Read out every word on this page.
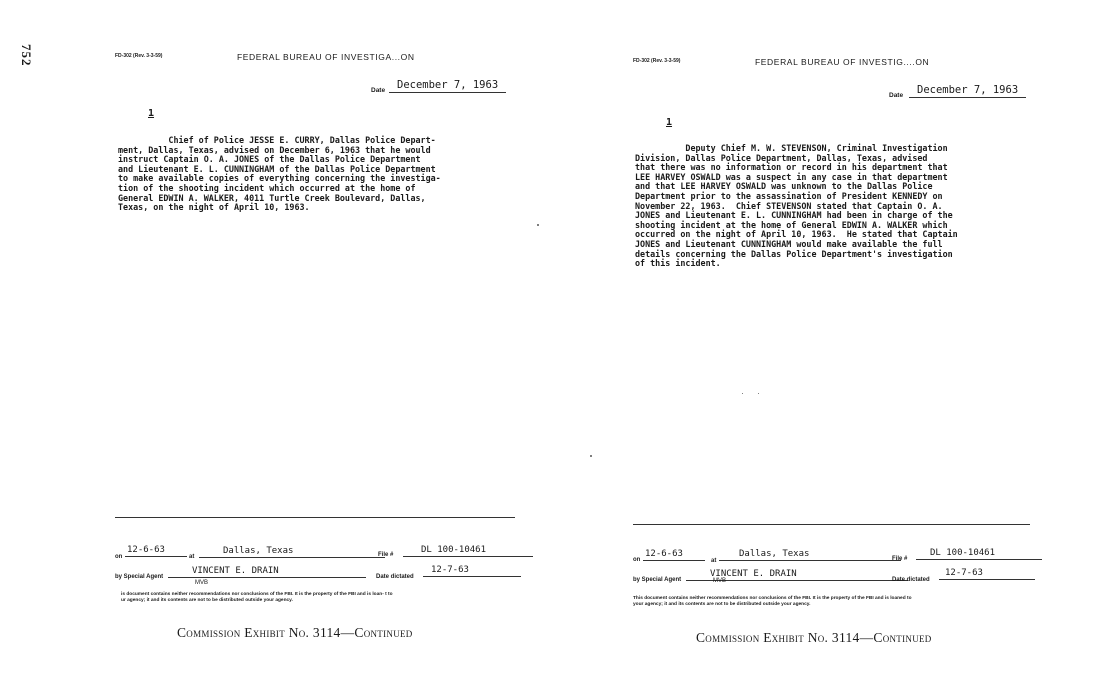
752	FD-302 (Rev. 3-3-59)	FEDERAL BUREAU OF INVESTIGA...ON
Date	December 7, 1963
1
Chief of Police JESSE E. CURRY, Dallas Police Depart-
ment, Dallas, Texas, advised on December 6, 1963 that he would
instruct Captain O. A. JONES of the Dallas Police Department
and Lieutenant E. L. CUNNINGHAM of the Dallas Police Department
to make available copies of everything concerning the investiga-
tion of the shooting incident which occurred at the home of
General EDWIN A. WALKER, 4011 Turtle Creek Boulevard, Dallas,
Texas, on the night of April 10, 1963.
on
12-6-63
at
Dallas, Texas	File #	DL 100-10461
by Special Agent
VINCENT E. DRAIN
MVB
Date dictated
12-7-63
is document contains neither recommendations nor conclusions of the FBI. It is the property of the FBI and is loan- t to
ur agency; it and its contents are not to be distributed outside your agency.
Commission Exhibit No. 3114—Continued
FD-302 (Rev. 3-3-59)	FEDERAL BUREAU OF INVESTIG....ON
Date	December 7, 1963
1
Deputy Chief M. W. STEVENSON, Criminal Investigation
Division, Dallas Police Department, Dallas, Texas, advised
that there was no information or record in his department that
LEE HARVEY OSWALD was a suspect in any case in that department
and that LEE HARVEY OSWALD was unknown to the Dallas Police
Department prior to the assassination of President KENNEDY on
November 22, 1963.  Chief STEVENSON stated that Captain O. A.
JONES and Lieutenant E. L. CUNNINGHAM had been in charge of the
shooting incident at the home of General EDWIN A. WALKER which
occurred on the night of April 10, 1963.  He stated that Captain
JONES and Lieutenant CUNNINGHAM would make available the full
details concerning the Dallas Police Department's investigation
of this incident.
on
12-6-63
at
Dallas, Texas	File #
DL 100-10461
by Special Agent
VINCENT E. DRAIN
MVB	Date dictated
12-7-63
This document contains neither recommendations nor conclusions of the FBI. It is the property of the FBI and is loaned to
your agency; it and its contents are not to be distributed outside your agency.
Commission Exhibit No. 3114—Continued
